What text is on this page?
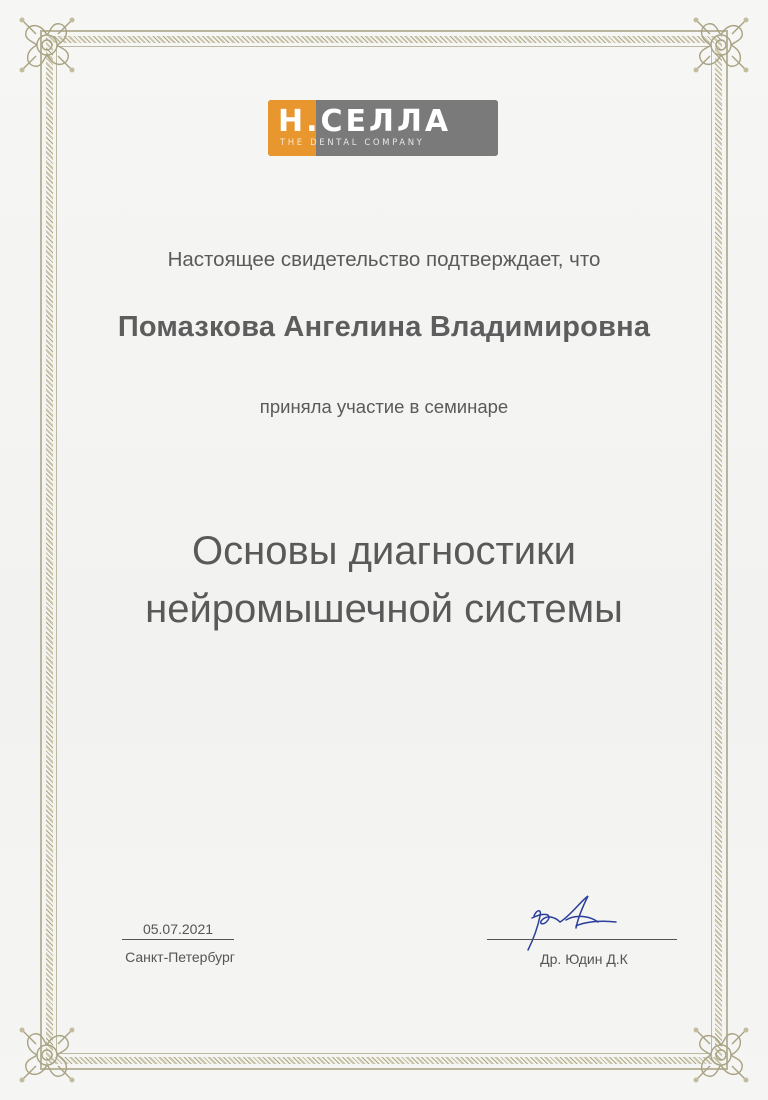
Н.СЕЛЛА
THE DENTAL COMPANY
Настоящее свидетельство подтверждает, что
Помазкова Ангелина Владимировна
приняла участие в семинаре
Основы диагностики
нейромышечной системы
05.07.2021
Санкт-Петербург	Др. Юдин Д.К
